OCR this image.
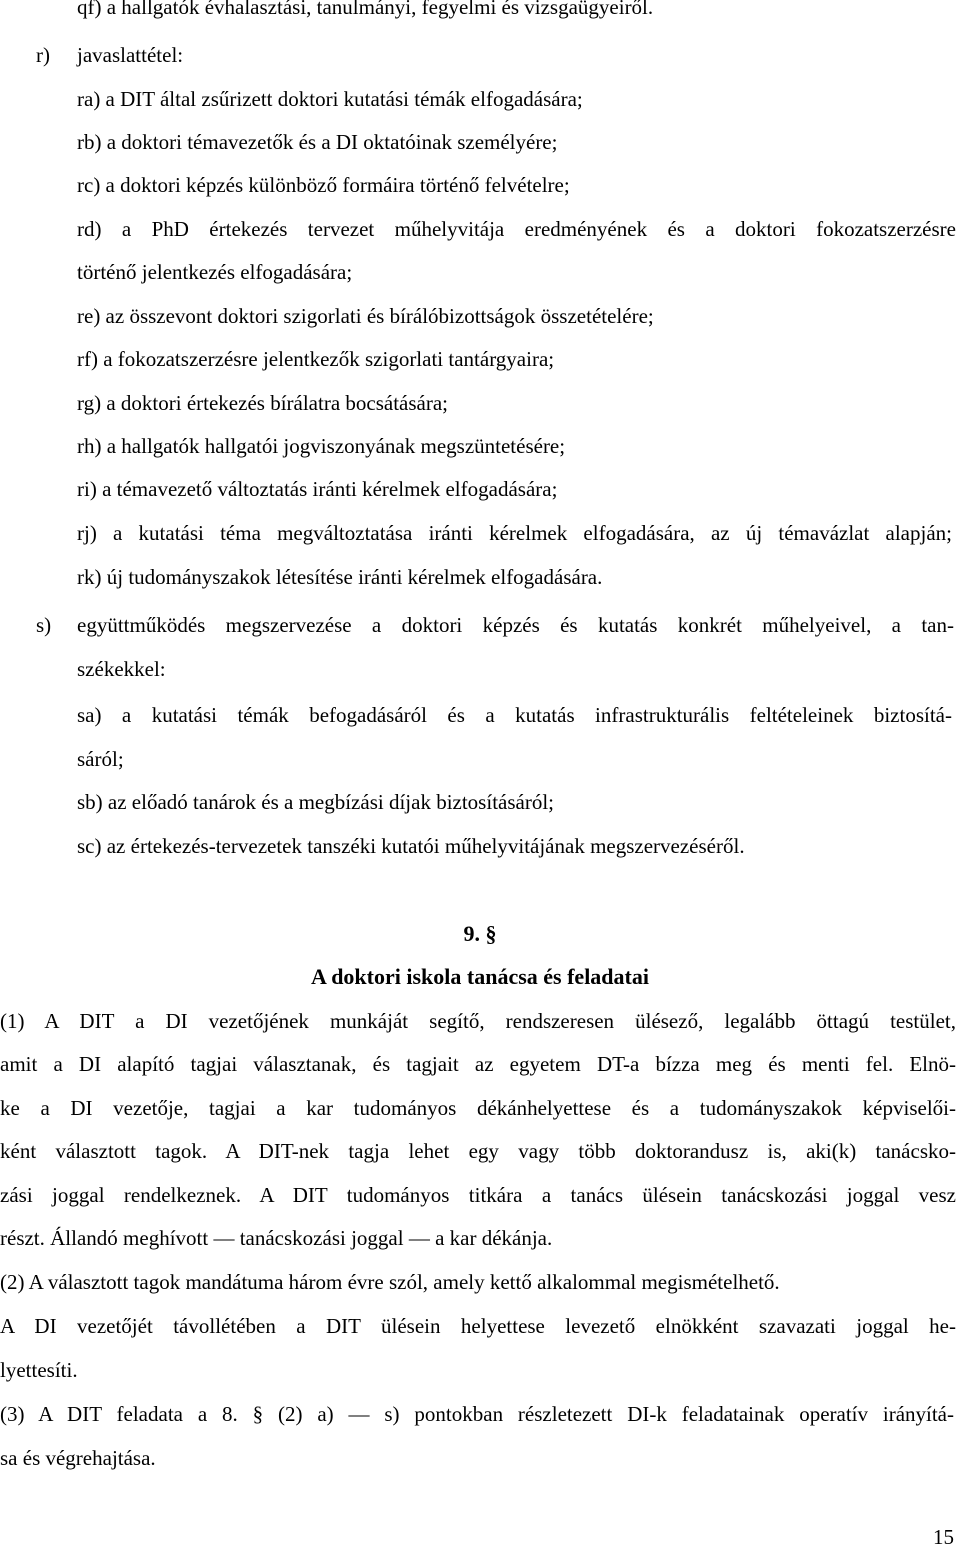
qf) a hallgatók évhalasztási, tanulmányi, fegyelmi és vizsgaügyeiről.
r) javaslattétel:
ra) a DIT által zsűrizett doktori kutatási témák elfogadására;
rb) a doktori témavezetők és a DI oktatóinak személyére;
rc) a doktori képzés különböző formáira történő felvételre;
rd) a PhD értekezés tervezet műhelyvitája eredményének és a doktori fokozatszerzésre
történő jelentkezés elfogadására;
re) az összevont doktori szigorlati és bírálóbizottságok összetételére;
rf) a fokozatszerzésre jelentkezők szigorlati tantárgyaira;
rg) a doktori értekezés bírálatra bocsátására;
rh) a hallgatók hallgatói jogviszonyának megszüntetésére;
ri) a témavezető változtatás iránti kérelmek elfogadására;
rj) a kutatási téma megváltoztatása iránti kérelmek elfogadására, az új témavázlat alapján;
rk) új tudományszakok létesítése iránti kérelmek elfogadására.
s) együttműködés megszervezése a doktori képzés és kutatás konkrét műhelyeivel, a tan-
székekkel:
sa) a kutatási témák befogadásáról és a kutatás infrastrukturális feltételeinek biztosítá-
sáról;
sb) az előadó tanárok és a megbízási díjak biztosításáról;
sc) az értekezés-tervezetek tanszéki kutatói műhelyvitájának megszervezéséről.
9. §
A doktori iskola tanácsa és feladatai
(1) A DIT a DI vezetőjének munkáját segítő, rendszeresen ülésező, legalább öttagú testület,
amit a DI alapító tagjai választanak, és tagjait az egyetem DT-a bízza meg és menti fel. Elnö-
ke a DI vezetője, tagjai a kar tudományos dékánhelyettese és a tudományszakok képviselői-
ként választott tagok. A DIT-nek tagja lehet egy vagy több doktorandusz is, aki(k) tanácsko-
zási joggal rendelkeznek. A DIT tudományos titkára a tanács ülésein tanácskozási joggal vesz
részt. Állandó meghívott — tanácskozási joggal — a kar dékánja.
(2) A választott tagok mandátuma három évre szól, amely kettő alkalommal megismételhető.
A DI vezetőjét távollétében a DIT ülésein helyettese levezető elnökként szavazati joggal he-
lyettesíti.
(3) A DIT feladata a 8. § (2) a) — s) pontokban részletezett DI-k feladatainak operatív irányítá-
sa és végrehajtása.
15
